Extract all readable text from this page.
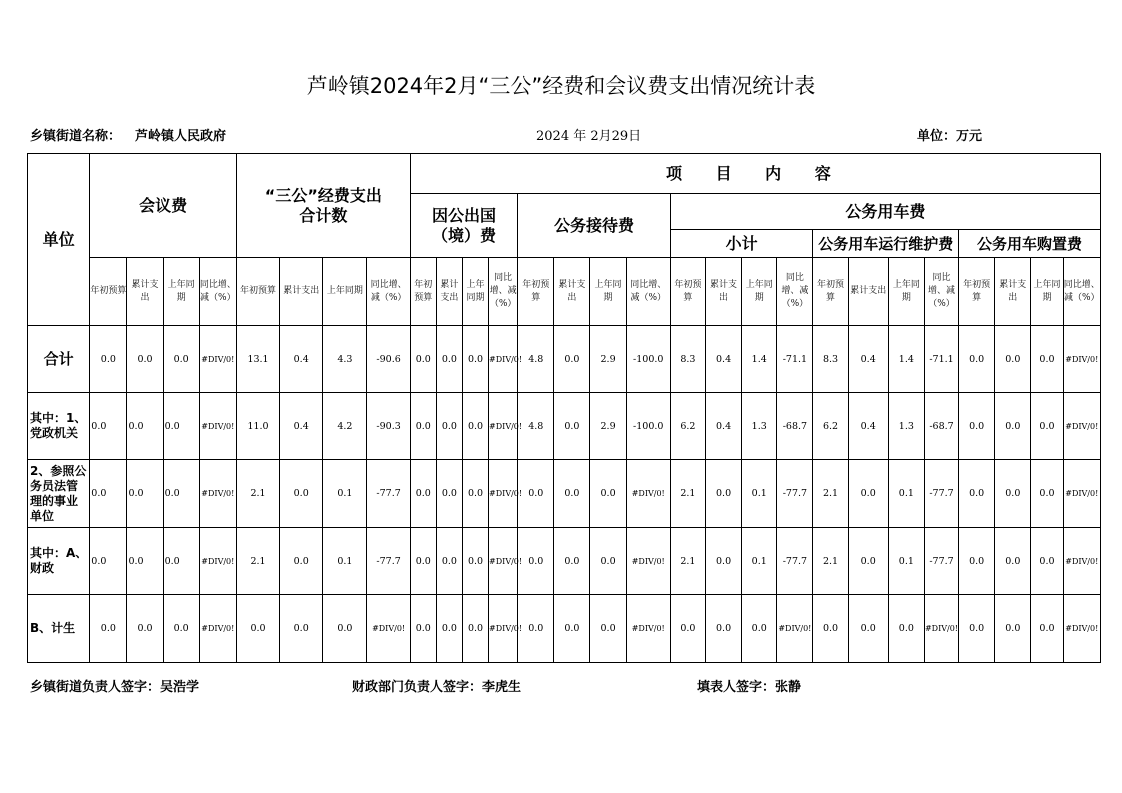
芦岭镇2024年2月“三公”经费和会议费支出情况统计表
乡镇街道名称： 芦岭镇人民政府	2024 年 2月29日	单位：万元
单位	会议费				“三公”经费支出
合计数				项 目 内 容																			
									因公出国（境）费				公务接待费				公务用车费											
																	小计				公务用车运行维护费				公务用车购置费			
	年初预算	累计支出	上年同期	同比增、减（%）	年初预算	累计支出	上年同期	同比增、减（%）	年初预算	累计支出	上年同期	同比增、减（%）	年初预算	累计支出	上年同期	同比增、减（%）	年初预算	累计支出	上年同期	同比增、减（%）	年初预算	累计支出	上年同期	同比增、减（%）	年初预算	累计支出	上年同期	同比增、减（%）
合计	0.0	0.0	0.0	#DIV/0!	13.1	0.4	4.3	-90.6	0.0	0.0	0.0	#DIV/0!	4.8	0.0	2.9	-100.0	8.3	0.4	1.4	-71.1	8.3	0.4	1.4	-71.1	0.0	0.0	0.0	#DIV/0!
其中：1、党政机关	0.0	0.0	0.0	#DIV/0!	11.0	0.4	4.2	-90.3	0.0	0.0	0.0	#DIV/0!	4.8	0.0	2.9	-100.0	6.2	0.4	1.3	-68.7	6.2	0.4	1.3	-68.7	0.0	0.0	0.0	#DIV/0!
2、参照公务员法管理的事业单位	0.0	0.0	0.0	#DIV/0!	2.1	0.0	0.1	-77.7	0.0	0.0	0.0	#DIV/0!	0.0	0.0	0.0	#DIV/0!	2.1	0.0	0.1	-77.7	2.1	0.0	0.1	-77.7	0.0	0.0	0.0	#DIV/0!
其中：A、财政	0.0	0.0	0.0	#DIV/0!	2.1	0.0	0.1	-77.7	0.0	0.0	0.0	#DIV/0!	0.0	0.0	0.0	#DIV/0!	2.1	0.0	0.1	-77.7	2.1	0.0	0.1	-77.7	0.0	0.0	0.0	#DIV/0!
B、计生	0.0	0.0	0.0	#DIV/0!	0.0	0.0	0.0	#DIV/0!	0.0	0.0	0.0	#DIV/0!	0.0	0.0	0.0	#DIV/0!	0.0	0.0	0.0	#DIV/0!	0.0	0.0	0.0	#DIV/0!	0.0	0.0	0.0	#DIV/0!
乡镇街道负责人签字：吴浩学	财政部门负责人签字：李虎生	填表人签字：张静
